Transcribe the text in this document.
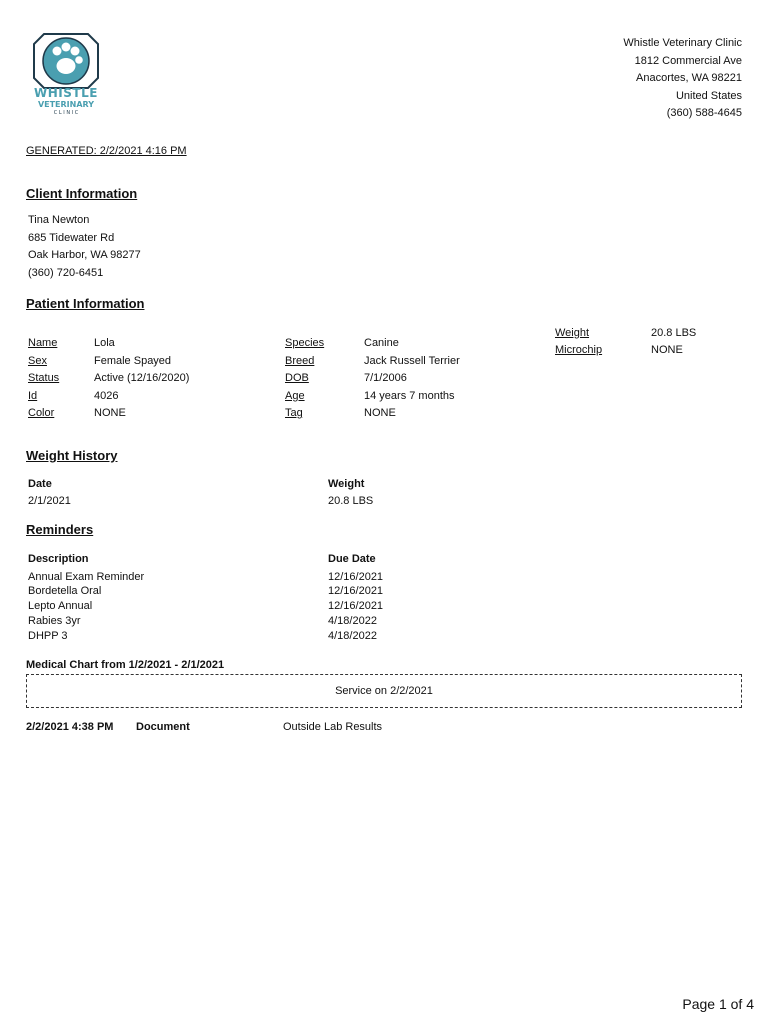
WHISTLE
VETERINARY
C L I N I C
Whistle Veterinary Clinic
1812 Commercial Ave
Anacortes, WA 98221
United States
(360) 588-4645
GENERATED: 2/2/2021 4:16 PM
Client Information
Tina Newton
685 Tidewater Rd
Oak Harbor, WA 98277
(360) 720-6451
Patient Information
Name	Lola
Sex	Female Spayed
Status	Active (12/16/2020)
Id	4026
Color	NONE
Species	Canine
Breed	Jack Russell Terrier
DOB	7/1/2006
Age	14 years 7 months
Tag	NONE
Weight	20.8 LBS
Microchip	NONE
Weight History
Date	Weight
2/1/2021	20.8 LBS
Reminders
Description	Due Date
Annual Exam Reminder	12/16/2021
Bordetella Oral	12/16/2021
Lepto Annual	12/16/2021
Rabies 3yr	4/18/2022
DHPP 3	4/18/2022
Medical Chart from 1/2/2021 - 2/1/2021
Service on 2/2/2021
2/2/2021 4:38 PM Document	Outside Lab Results
Page 1 of 4
